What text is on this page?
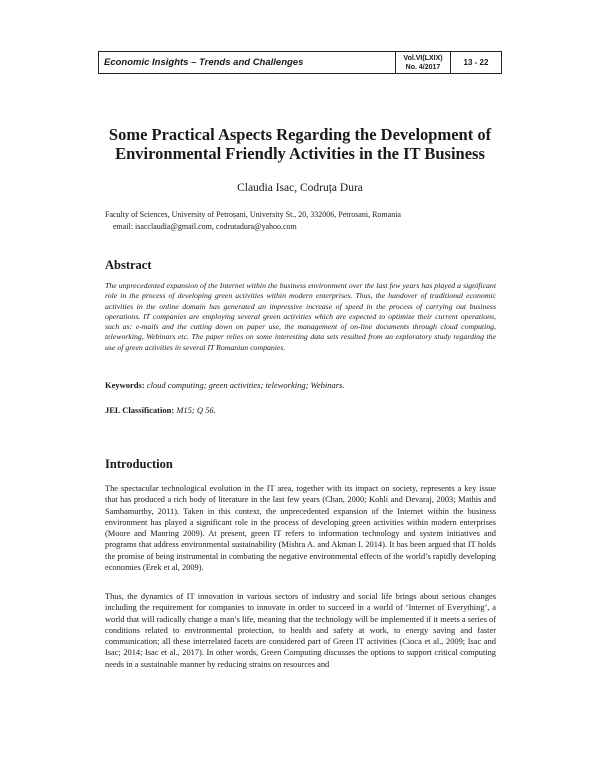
Economic Insights – Trends and Challenges	Vol.VI(LXIX)
No. 4/2017	13 - 22
Some Practical Aspects Regarding the Development of Environmental Friendly Activities in the IT Business
Claudia Isac, Codruța Dura
Faculty of Sciences, University of Petroșani, University St., 20, 332006, Petrosani, Romania
email: isacclaudia@gmail.com, codrutadura@yahoo.com
Abstract

The unprecedented expansion of the Internet within the business environment over the last few years has played a significant role in the process of developing green activities within modern enterprises. Thus, the handover of traditional economic activities in the online domain has generated an impressive increase of speed in the process of carrying out business operations. IT companies are employing several green activities which are expected to optimize their current operations, such as: e-mails and the cutting down on paper use, the management of on-line documents through cloud computing, teleworking, Webinars etc. The paper relies on some interesting data sets resulted from an exploratory study regarding the use of green activities in several IT Romanian companies.

Keywords: cloud computing; green activities; teleworking; Webinars.

JEL Classification: M15; Q 56.

Introduction

The spectacular technological evolution in the IT area, together with its impact on society, represents a key issue that has produced a rich body of literature in the last few years (Chan, 2000; Kohli and Devaraj, 2003; Mathis and Sambamurthy, 2011). Taken in this context, the unprecedented expansion of the Internet within the business environment has played a significant role in the process of developing green activities within modern enterprises (Moore and Manring 2009). At present, green IT refers to information technology and system initiatives and programs that address environmental sustainability (Mishra A. and Akman I. 2014). It has been argued that IT holds the promise of being instrumental in combating the negative environmental effects of the world’s rapidly developing economies (Erek et al, 2009).

Thus, the dynamics of IT innovation in various sectors of industry and social life brings about serious changes including the requirement for companies to innovate in order to succeed in a world of ‘Internet of Everything’, a world that will radically change a man’s life, meaning that the technology will be implemented if it meets a series of conditions related to environmental protection, to health and safety at work, to energy saving and faster communication; all these interrelated facets are considered part of Green IT activities (Cioca et al., 2009; Isac and Isac; 2014; Isac et al., 2017). In other words, Green Computing discusses the options to support critical computing needs in a sustainable manner by reducing strains on resources and
